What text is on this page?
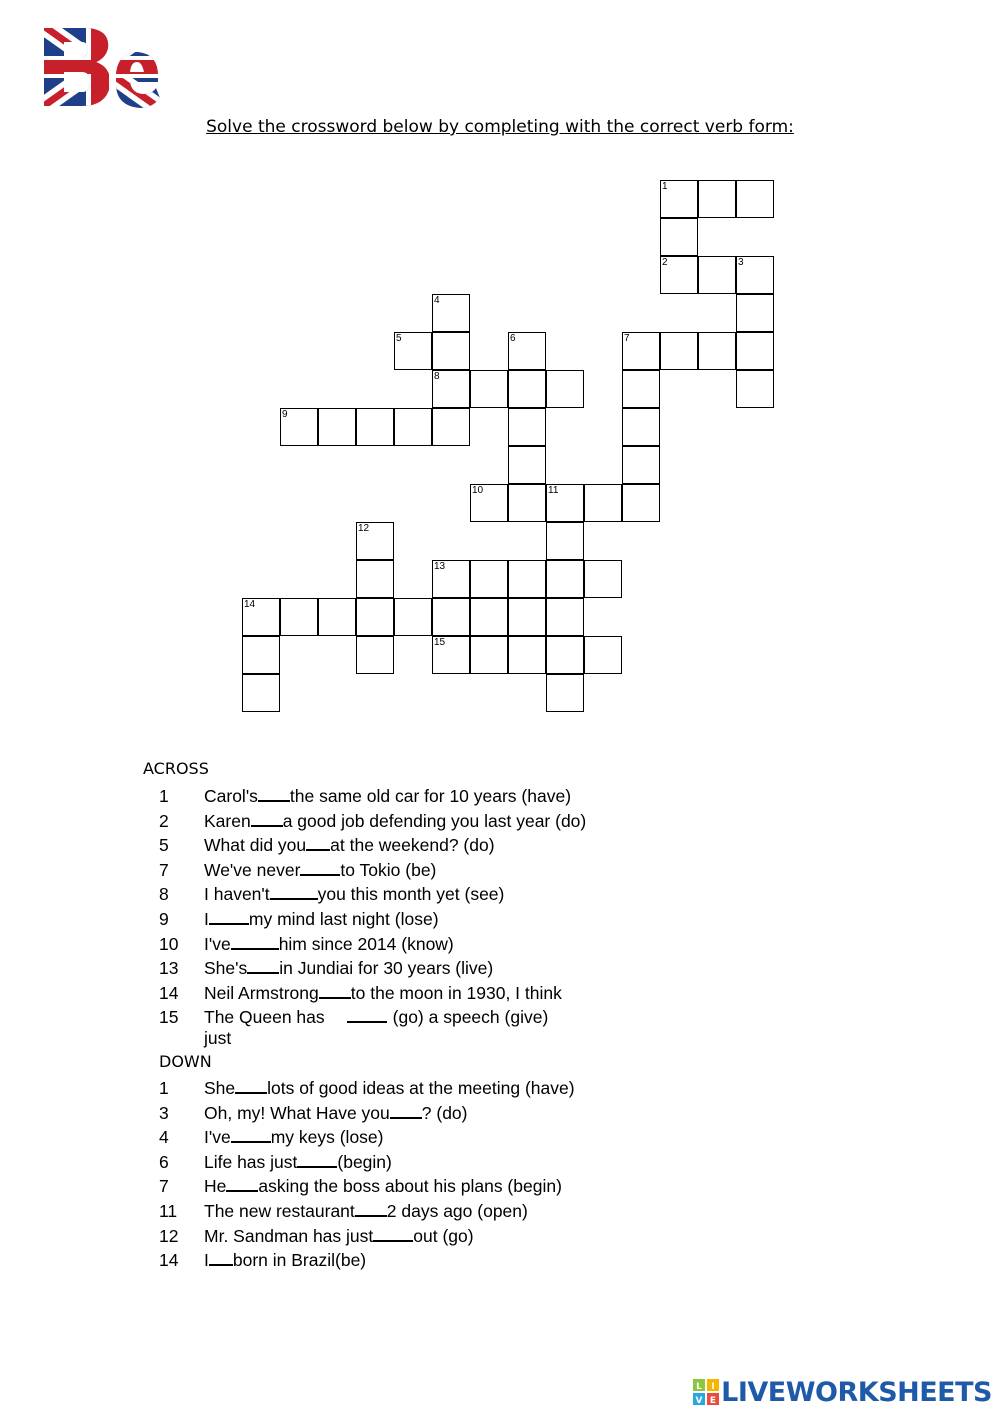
Solve the crossword below by completing with the correct verb form:
1
2	3
4
5	6	7
8
9
10	11
12
13
14
15
ACROSS
1 Carol's the same old car for 10 years (have)
2 Karen a good job defending you last year (do)
5 What did you at the weekend? (do)
7 We've never to Tokio (be)
8 I haven't	you this month yet (see)
9 I my mind last night (lose)
10 I've	him since 2014 (know)
13 She's in Jundiai for 30 years (live)
14 Neil Armstrong to the moon in 1930, I think
15 The Queen has	(go) a speech (give)
just
DOWN
1 She lots of good ideas at the meeting (have)
3 Oh, my! What Have you ? (do)
4 I've my keys (lose)
6 Life has just (begin)
7 He asking the boss about his plans (begin)
11 The new restaurant 2 days ago (open)
12 Mr. Sandman has just out (go)
14 I born in Brazil(be)
L I
V E LIVEWORKSHEETS
